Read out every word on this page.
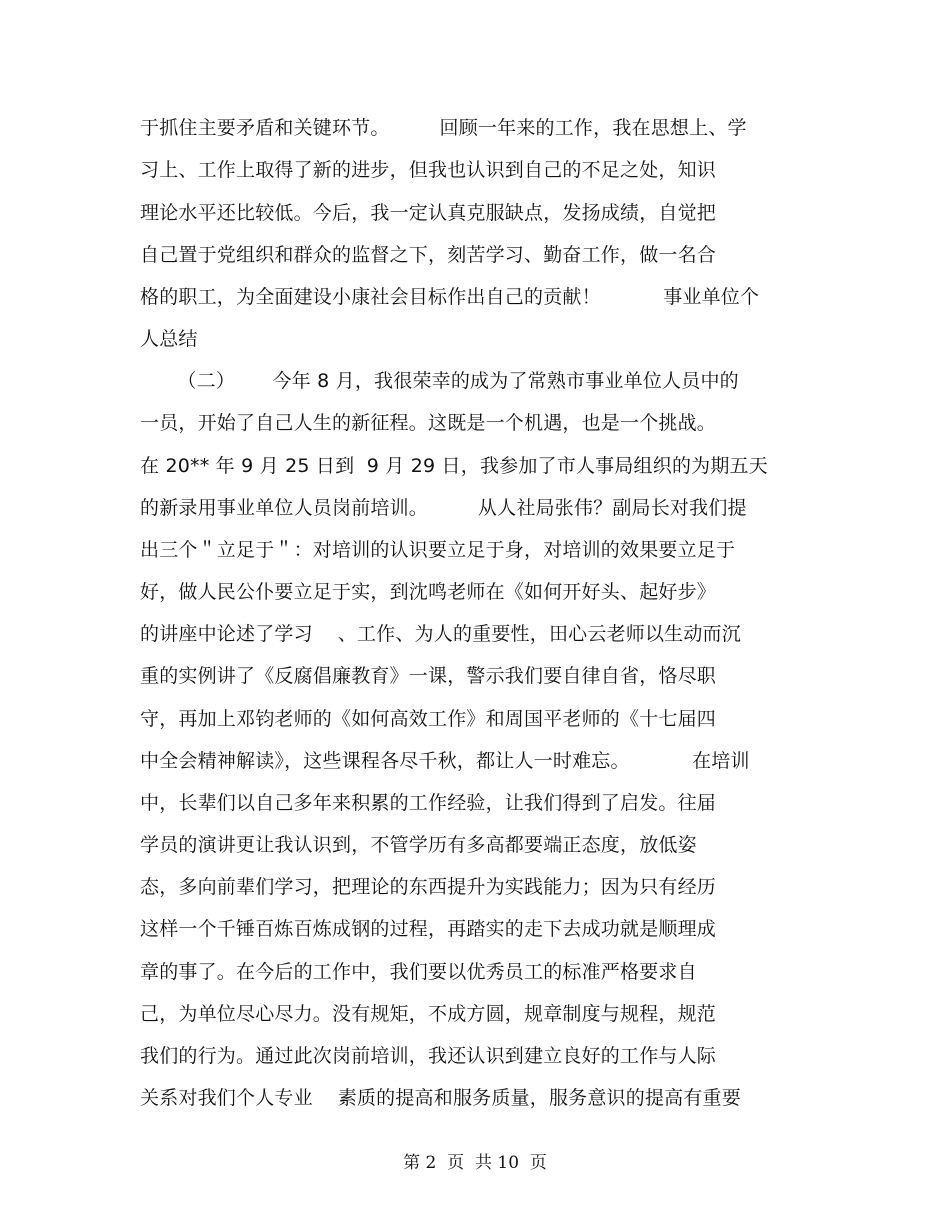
于抓住主要矛盾和关键环节。        回顾一年来的工作，我在思想上、学
习上、工作上取得了新的进步，但我也认识到自己的不足之处，知识
理论水平还比较低。今后，我一定认真克服缺点，发扬成绩，自觉把
自己置于党组织和群众的监督之下，刻苦学习、勤奋工作，做一名合
格的职工，为全面建设小康社会目标作出自己的贡献！          事业单位个
人总结
（二）      今年 8 月，我很荣幸的成为了常熟市事业单位人员中的
一员，开始了自己人生的新征程。这既是一个机遇，也是一个挑战。
在 20** 年 9 月 25 日到  9 月 29 日，我参加了市人事局组织的为期五天
的新录用事业单位人员岗前培训。        从人社局张伟？副局长对我们提
出三个＂立足于＂：对培训的认识要立足于身，对培训的效果要立足于
好，做人民公仆要立足于实，到沈鸣老师在《如何开好头、起好步》
的讲座中论述了学习    、工作、为人的重要性，田心云老师以生动而沉
重的实例讲了《反腐倡廉教育》一课，警示我们要自律自省，恪尽职
守，再加上邓钧老师的《如何高效工作》和周国平老师的《十七届四
中全会精神解读》，这些课程各尽千秋，都让人一时难忘。          在培训
中，长辈们以自己多年来积累的工作经验，让我们得到了启发。往届
学员的演讲更让我认识到，不管学历有多高都要端正态度，放低姿
态，多向前辈们学习，把理论的东西提升为实践能力；因为只有经历
这样一个千锤百炼百炼成钢的过程，再踏实的走下去成功就是顺理成
章的事了。在今后的工作中，我们要以优秀员工的标准严格要求自
己，为单位尽心尽力。没有规矩，不成方圆，规章制度与规程，规范
我们的行为。通过此次岗前培训，我还认识到建立良好的工作与人际
关系对我们个人专业    素质的提高和服务质量，服务意识的提高有重要
第 2  页  共 10  页
